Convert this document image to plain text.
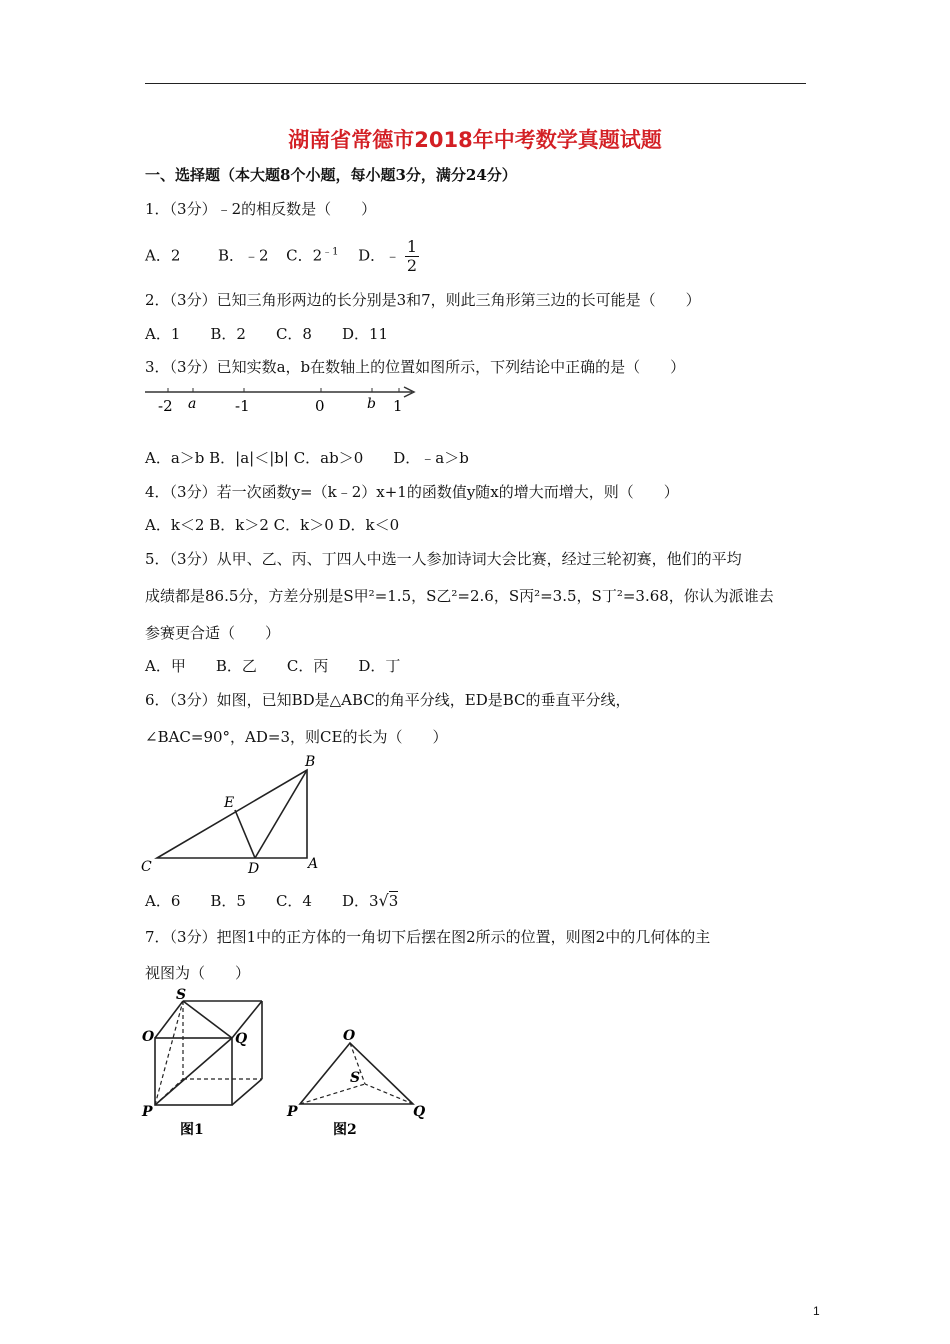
湖南省常德市2018年中考数学真题试题
一、选择题（本大题8个小题，每小题3分，满分24分）
1．（3分）﹣2的相反数是（　　）
A．2	B．﹣2 C．$2^{﹣1}$ D．﹣ $\frac{1}{2}$
2．（3分）已知三角形两边的长分别是3和7，则此三角形第三边的长可能是（　　）
A．1　　B．2　　C．8　　D．11
3．（3分）已知实数a，b在数轴上的位置如图所示，下列结论中正确的是（　　）
-2 a	-1	0	b 1
A．a＞b B．|a|＜|b| C．ab＞0　　D．﹣a＞b
4．（3分）若一次函数y=（k﹣2）x+1的函数值y随x的增大而增大，则（　　）
A．k＜2 B．k＞2 C．k＞0 D．k＜0
5．（3分）从甲、乙、丙、丁四人中选一人参加诗词大会比赛，经过三轮初赛，他们的平均
成绩都是86.5分，方差分别是S甲²=1.5，S乙²=2.6，S丙²=3.5，S丁²=3.68，你认为派谁去
参赛更合适（　　）
A．甲　　B．乙　　C．丙　　D．丁
6．（3分）如图，已知BD是△ABC的角平分线，ED是BC的垂直平分线，
∠BAC=90°，AD=3，则CE的长为（　　）
B
E
C	D	A
A．6　　B．5　　C．4　　D．3√3
7．（3分）把图1中的正方体的一角切下后摆在图2所示的位置，则图2中的几何体的主
视图为（　　）
S
O	Q
P
图1
O
S
P	Q
图2
1
